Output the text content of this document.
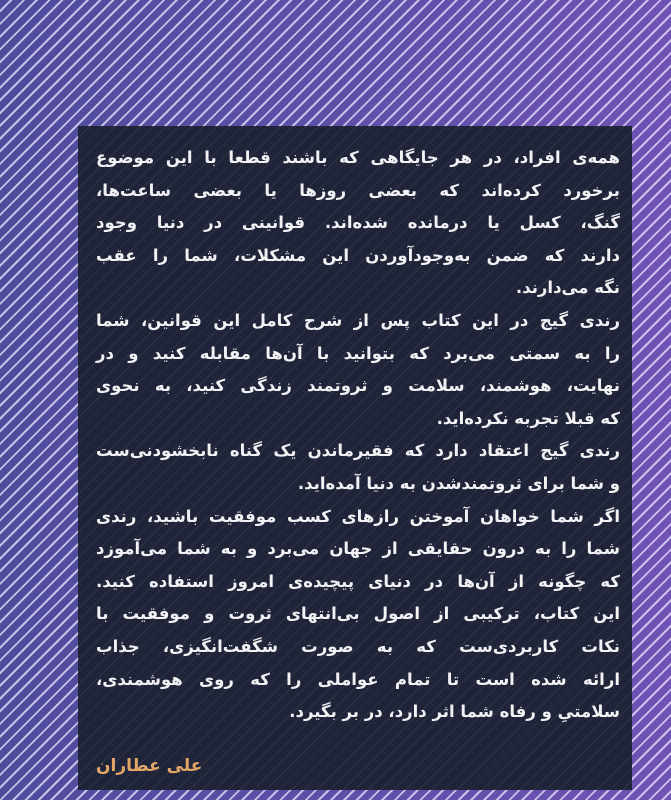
همه‌ی افراد، در هر جایگاهی که باشند قطعا با این موضوع
برخورد کرده‌اند که بعضی روزها یا بعضی ساعت‌ها،
گنگ، کسل یا درمانده شده‌اند. قوانینی در دنیا وجود
دارند که ضمن به‌وجودآوردن این مشکلات، شما را عقب
نگه می‌دارند.
رندی گیج در این کتاب پس از شرح کامل این قوانین، شما
را به سمتی می‌برد که بتوانید با آن‌ها مقابله کنید و در
نهایت، هوشمند، سلامت و ثروتمند زندگی کنید، به نحوی
که قبلا تجربه نکرده‌اید.
رندی گیج اعتقاد دارد که فقیرماندن یک گناه نابخشودنی‌ست
و شما برای ثروتمندشدن به دنیا آمده‌اید.
اگر شما خواهان آموختن رازهای کسب موفقیت باشید، رندی
شما را به درون حقایقی از جهان می‌برد و به شما می‌آموزد
که چگونه از آن‌ها در دنیای پیچیده‌ی امروز استفاده کنید.
این کتاب، ترکیبی از اصول بی‌انتهای ثروت و موفقیت با
نکات کاربردی‌ست که به صورت شگفت‌انگیزی، جذاب
ارائه شده است تا تمام عواملی را که روی هوشمندی،
سلامتیِ و رفاه شما اثر دارد، در بر بگیرد.
علی عطاران
